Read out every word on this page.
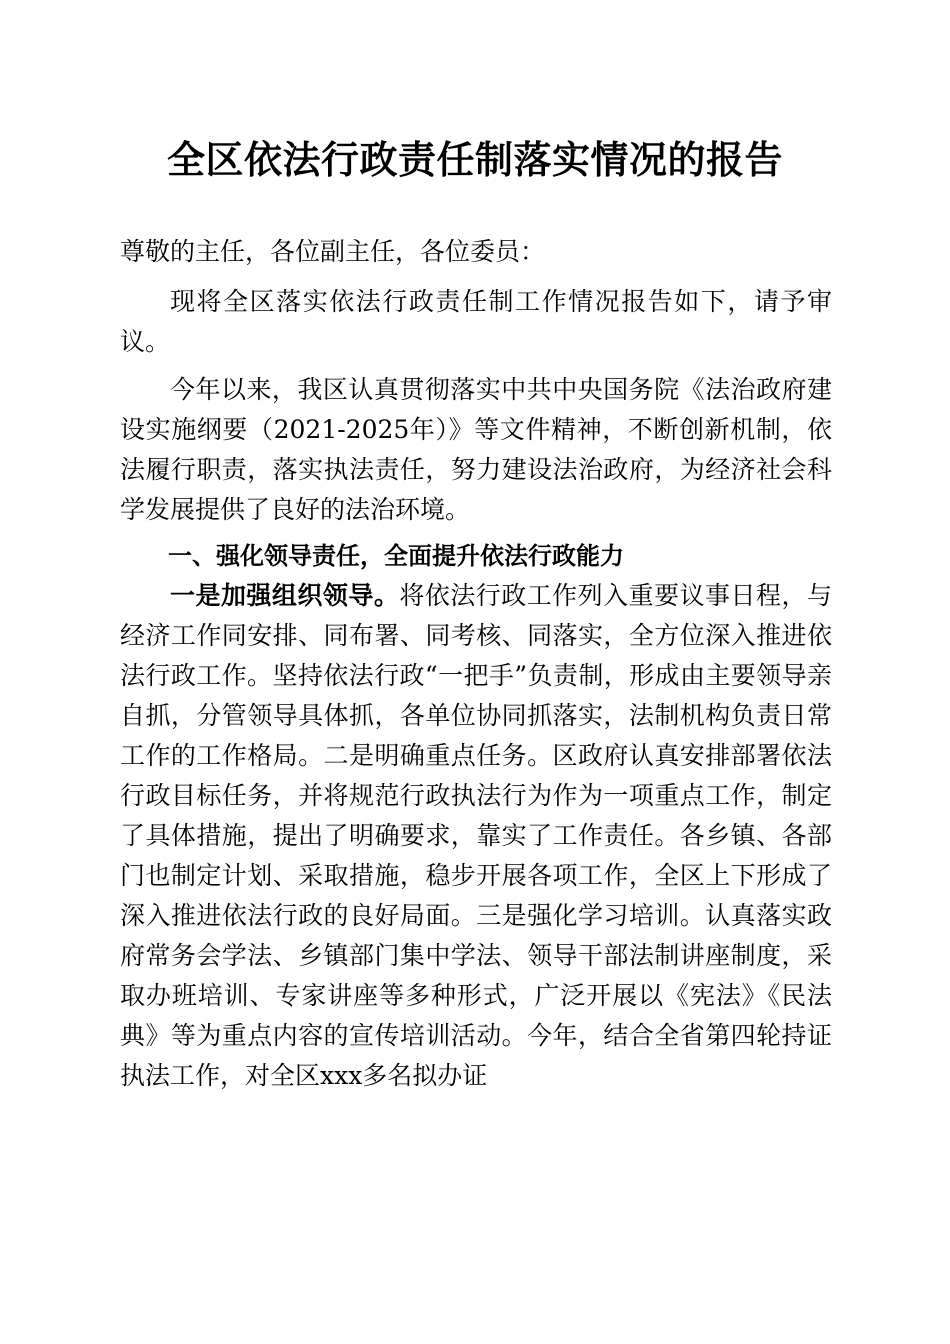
全区依法行政责任制落实情况的报告

尊敬的主任，各位副主任，各位委员：

现将全区落实依法行政责任制工作情况报告如下，请予审议。

今年以来，我区认真贯彻落实中共中央国务院《法治政府建设实施纲要（2021-2025年）》等文件精神，不断创新机制，依法履行职责，落实执法责任，努力建设法治政府，为经济社会科学发展提供了良好的法治环境。

一、强化领导责任，全面提升依法行政能力

一是加强组织领导。将依法行政工作列入重要议事日程，与经济工作同安排、同布署、同考核、同落实，全方位深入推进依法行政工作。坚持依法行政“一把手”负责制，形成由主要领导亲自抓，分管领导具体抓，各单位协同抓落实，法制机构负责日常工作的工作格局。二是明确重点任务。区政府认真安排部署依法行政目标任务，并将规范行政执法行为作为一项重点工作，制定了具体措施，提出了明确要求，靠实了工作责任。各乡镇、各部门也制定计划、采取措施，稳步开展各项工作，全区上下形成了深入推进依法行政的良好局面。三是强化学习培训。认真落实政府常务会学法、乡镇部门集中学法、领导干部法制讲座制度，采取办班培训、专家讲座等多种形式，广泛开展以《宪法》《民法典》等为重点内容的宣传培训活动。今年，结合全省第四轮持证执法工作，对全区xxx多名拟办证
